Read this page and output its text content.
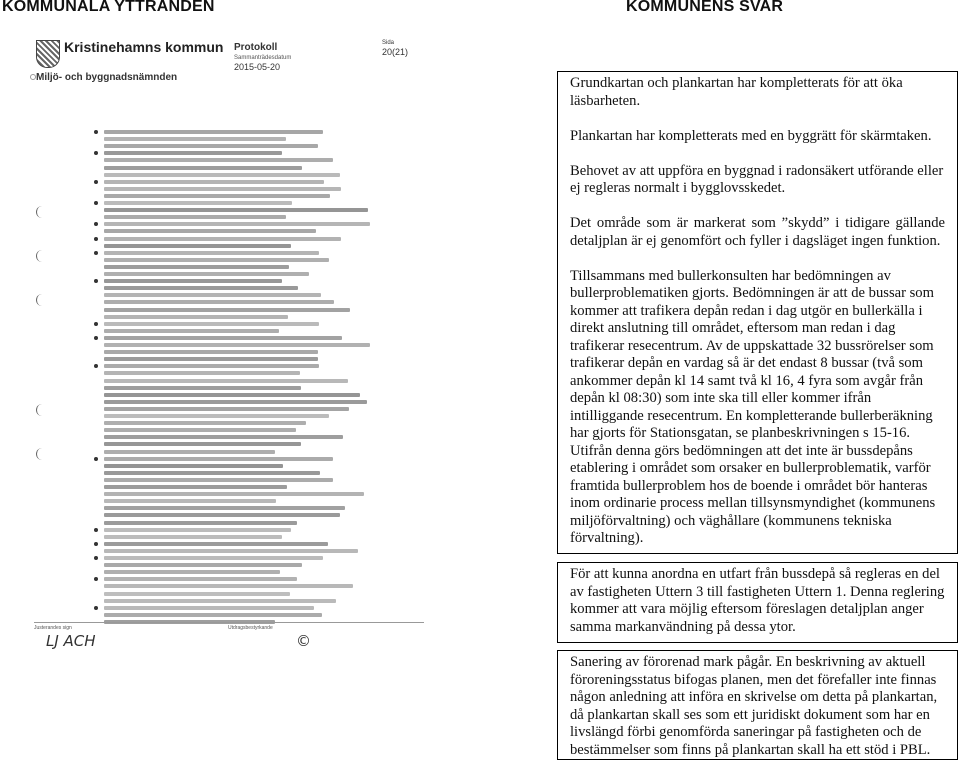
KOMMUNALA YTTRANDEN	KOMMUNENS SVAR
Kristinehamns kommun
Miljö- och byggnadsnämnden
Protokoll
Sammanträdesdatum
2015-05-20
Sida
20(21)
Justerandes sign	Utdragsbestyrkande
LJ ACH	©

Grundkartan och plankartan har kompletterats för att öka läsbarheten.

Plankartan har kompletterats med en byggrätt för skärmtaken.

Behovet av att uppföra en byggnad i radonsäkert utförande eller ej regleras normalt i bygglovsskedet.

Det område som är markerat som ”skydd” i tidigare gällande detaljplan är ej genomfört och fyller i dagsläget ingen funktion.

Tillsammans med bullerkonsulten har bedömningen av bullerproblematiken gjorts. Bedömningen är att de bussar som kommer att trafikera depån redan i dag utgör en bullerkälla i direkt anslutning till området, eftersom man redan i dag trafikerar resecentrum. Av de uppskattade 32 bussrörelser som trafikerar depån en vardag så är det endast 8 bussar (två som ankommer depån kl 14 samt två kl 16, 4 fyra som avgår från depån kl 08:30) som inte ska till eller kommer ifrån intilliggande resecentrum. En kompletterande bullerberäkning har gjorts för Stationsgatan, se planbeskrivningen s 15-16. Utifrån denna görs bedömningen att det inte är bussdepåns etablering i området som orsaker en bullerproblematik, varför framtida bullerproblem hos de boende i området bör hanteras inom ordinarie process mellan tillsynsmyndighet (kommunens miljöförvaltning) och väghållare (kommunens tekniska förvaltning).

För att kunna anordna en utfart från bussdepå så regleras en del av fastigheten Uttern 3 till fastigheten Uttern 1. Denna reglering kommer att vara möjlig eftersom föreslagen detaljplan anger samma markanvändning på dessa ytor.

Sanering av förorenad mark pågår. En beskrivning av aktuell föroreningsstatus bifogas planen, men det förefaller inte finnas någon anledning att införa en skrivelse om detta på plankartan, då plankartan skall ses som ett juridiskt dokument som har en livslängd förbi genomförda saneringar på fastigheten och de bestämmelser som finns på plankartan skall ha ett stöd i PBL.
